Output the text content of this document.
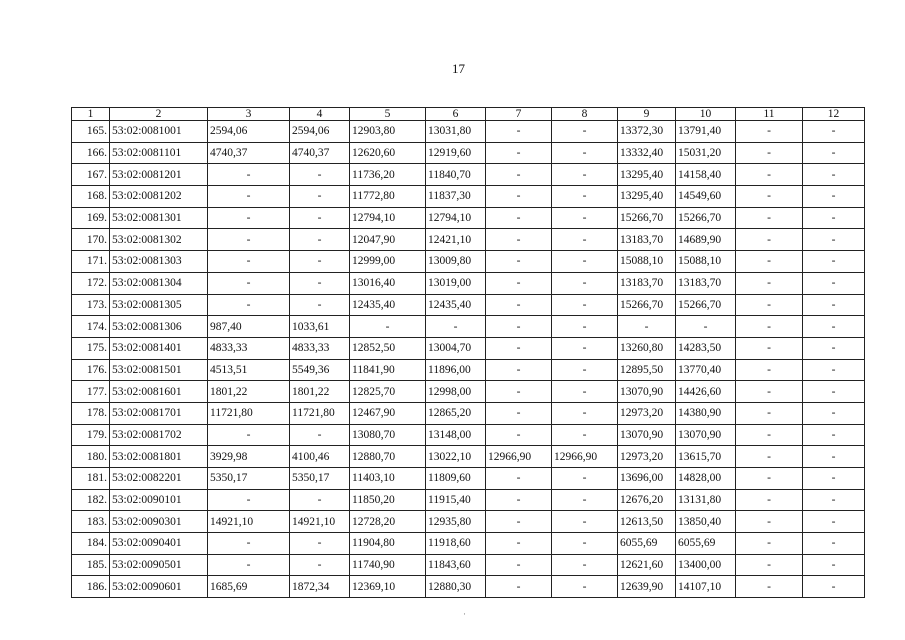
17
1	2	3	4	5	6	7	8	9	10	11	12
165.	53:02:0081001	2594,06	2594,06	12903,80	13031,80	-	-	13372,30	13791,40	-	-
166.	53:02:0081101	4740,37	4740,37	12620,60	12919,60	-	-	13332,40	15031,20	-	-
167.	53:02:0081201	-	-	11736,20	11840,70	-	-	13295,40	14158,40	-	-
168.	53:02:0081202	-	-	11772,80	11837,30	-	-	13295,40	14549,60	-	-
169.	53:02:0081301	-	-	12794,10	12794,10	-	-	15266,70	15266,70	-	-
170.	53:02:0081302	-	-	12047,90	12421,10	-	-	13183,70	14689,90	-	-
171.	53:02:0081303	-	-	12999,00	13009,80	-	-	15088,10	15088,10	-	-
172.	53:02:0081304	-	-	13016,40	13019,00	-	-	13183,70	13183,70	-	-
173.	53:02:0081305	-	-	12435,40	12435,40	-	-	15266,70	15266,70	-	-
174.	53:02:0081306	987,40	1033,61	-	-	-	-	-	-	-	-
175.	53:02:0081401	4833,33	4833,33	12852,50	13004,70	-	-	13260,80	14283,50	-	-
176.	53:02:0081501	4513,51	5549,36	11841,90	11896,00	-	-	12895,50	13770,40	-	-
177.	53:02:0081601	1801,22	1801,22	12825,70	12998,00	-	-	13070,90	14426,60	-	-
178.	53:02:0081701	11721,80	11721,80	12467,90	12865,20	-	-	12973,20	14380,90	-	-
179.	53:02:0081702	-	-	13080,70	13148,00	-	-	13070,90	13070,90	-	-
180.	53:02:0081801	3929,98	4100,46	12880,70	13022,10	12966,90	12966,90	12973,20	13615,70	-	-
181.	53:02:0082201	5350,17	5350,17	11403,10	11809,60	-	-	13696,00	14828,00	-	-
182.	53:02:0090101	-	-	11850,20	11915,40	-	-	12676,20	13131,80	-	-
183.	53:02:0090301	14921,10	14921,10	12728,20	12935,80	-	-	12613,50	13850,40	-	-
184.	53:02:0090401	-	-	11904,80	11918,60	-	-	6055,69	6055,69	-	-
185.	53:02:0090501	-	-	11740,90	11843,60	-	-	12621,60	13400,00	-	-
186.	53:02:0090601	1685,69	1872,34	12369,10	12880,30	-	-	12639,90	14107,10	-	-
·
